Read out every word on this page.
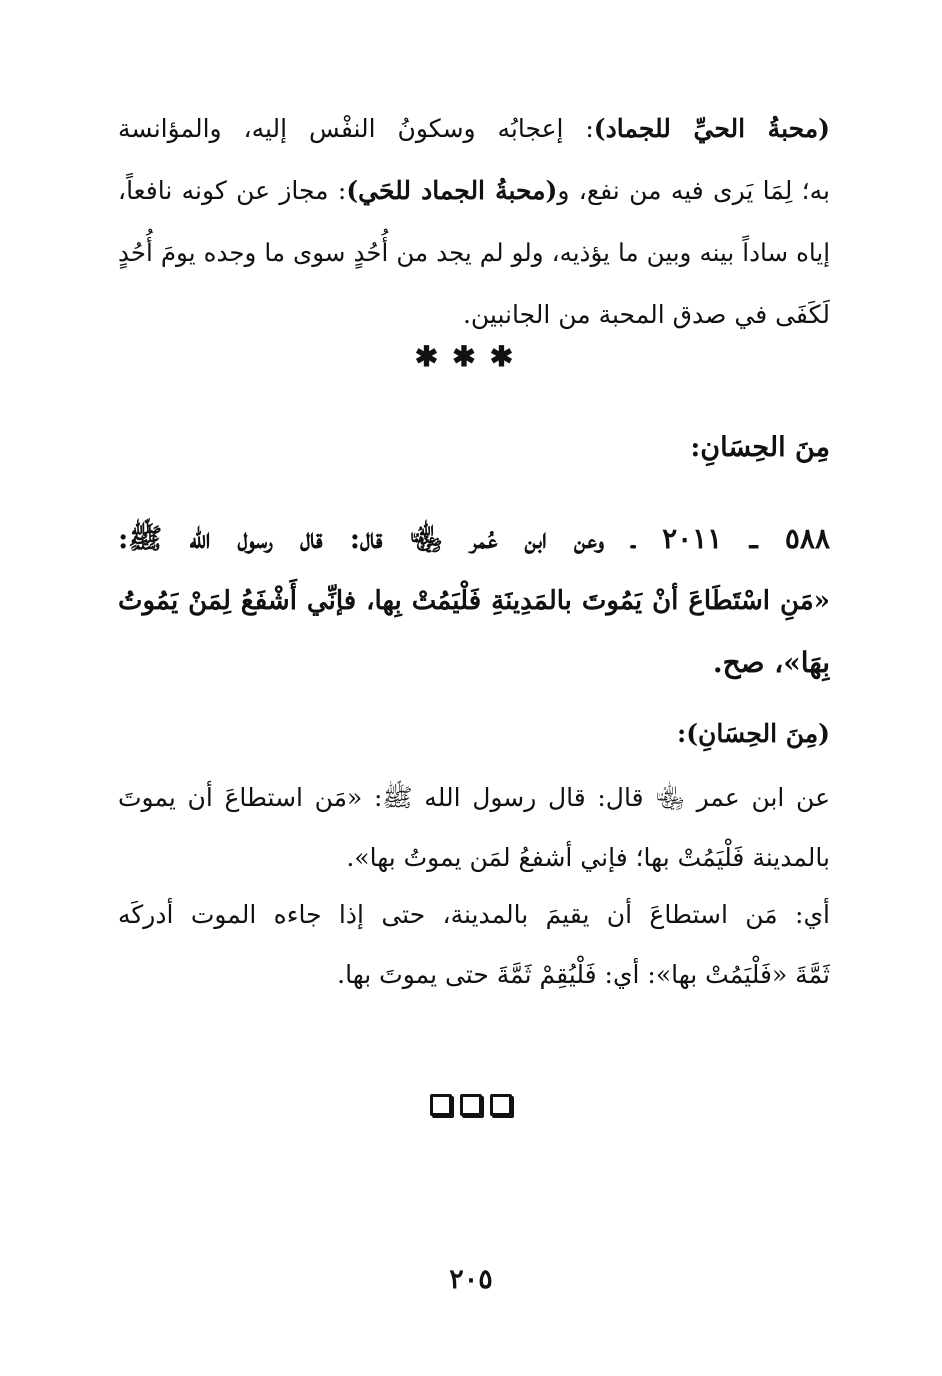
(محبةُ الحيِّ للجماد): إعجابُه وسكونُ النفْس إليه، والمؤانسة
به؛ لِمَا يَرى فيه من نفع، و(محبةُ الجماد للحَي): مجاز عن كونه نافعاً،
إياه ساداً بينه وبين ما يؤذيه، ولو لم يجد من أُحُدٍ سوى ما وجده يومَ أُحُدٍ
لَكَفَى في صدق المحبة من الجانبين.
✱✱✱
مِنَ الحِسَانِ:
٥٨٨ ـ ٢٠١١ ـ وعن ابن عُمر ﵄ قال: قال رسول الله ﷺ:
«مَنِ اسْتَطَاعَ أنْ يَمُوتَ بالمَدِينَةِ فَلْيَمُتْ بِها، فإنِّي أَشْفَعُ لِمَنْ يَمُوتُ
بِهَا»، صح.
(مِنَ الحِسَانِ):
عن ابن عمر ﵄ قال: قال رسول الله ﷺ: «مَن استطاعَ أن يموتَ
بالمدينة فَلْيَمُتْ بها؛ فإني أشفعُ لمَن يموتُ بها».
أي: مَن استطاعَ أن يقيمَ بالمدينة، حتى إذا جاءه الموت أدركَه
ثَمَّةَ «فَلْيَمُتْ بها»: أي: فَلْيُقِمْ ثَمَّةَ حتى يموتَ بها.
٢٠٥
